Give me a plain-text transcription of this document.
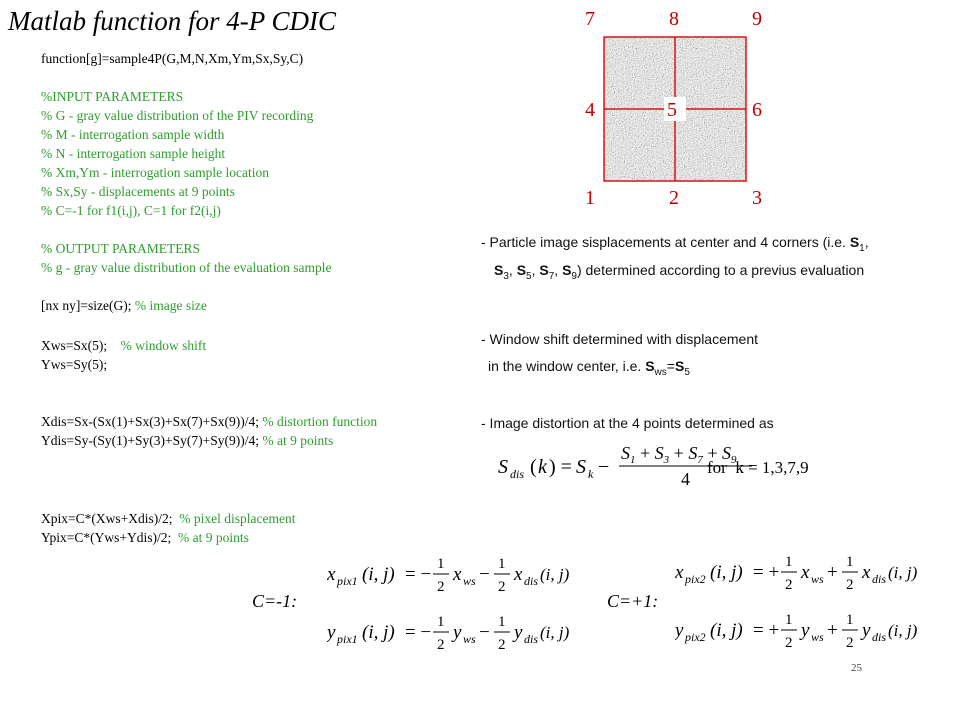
Matlab function for 4-P CDIC
function[g]=sample4P(G,M,N,Xm,Ym,Sx,Sy,C)
%INPUT PARAMETERS
% G - gray value distribution of the PIV recording
% M - interrogation sample width
% N - interrogation sample height
% Xm,Ym - interrogation sample location
% Sx,Sy - displacements at 9 points
% C=-1 for f1(i,j), C=1 for f2(i,j)
% OUTPUT PARAMETERS
% g - gray value distribution of the evaluation sample
[nx ny]=size(G); % image size
Xws=Sx(5);    % window shift
Yws=Sy(5);
Xdis=Sx-(Sx(1)+Sx(3)+Sx(7)+Sx(9))/4; % distortion function
Ydis=Sy-(Sy(1)+Sy(3)+Sy(7)+Sy(9))/4; % at 9 points
Xpix=C*(Xws+Xdis)/2;  % pixel displacement
Ypix=C*(Yws+Ydis)/2;  % at 9 points
7	8	9
4	5	6
1	2	3
- Particle image sisplacements at center and 4 corners (i.e. $S_1$,
$S_3$, $S_5$, $S_7$, $S_9$) determined according to a previus evaluation
- Window shift determined with displacement
in the window center, i.e. $S_{ws}=S_5$
- Image distortion at the 4 points determined as
S dis ( k ) = S k −
$S_1 + S_3 + S_7 + S_9$
4
for k = 1,3,7,9
C=-1:	C=+1:
x pix1 (i, j) = − 1
2
x ws − 1
2
x dis (i, j)
y pix1 (i, j) = − 1
2
y ws − 1
2
y dis (i, j)
x pix2 (i, j) = + 1
2
x ws + 1
2
x dis (i, j)
y pix2 (i, j) = + 1
2
y ws + 1
2
y dis (i, j)
25
